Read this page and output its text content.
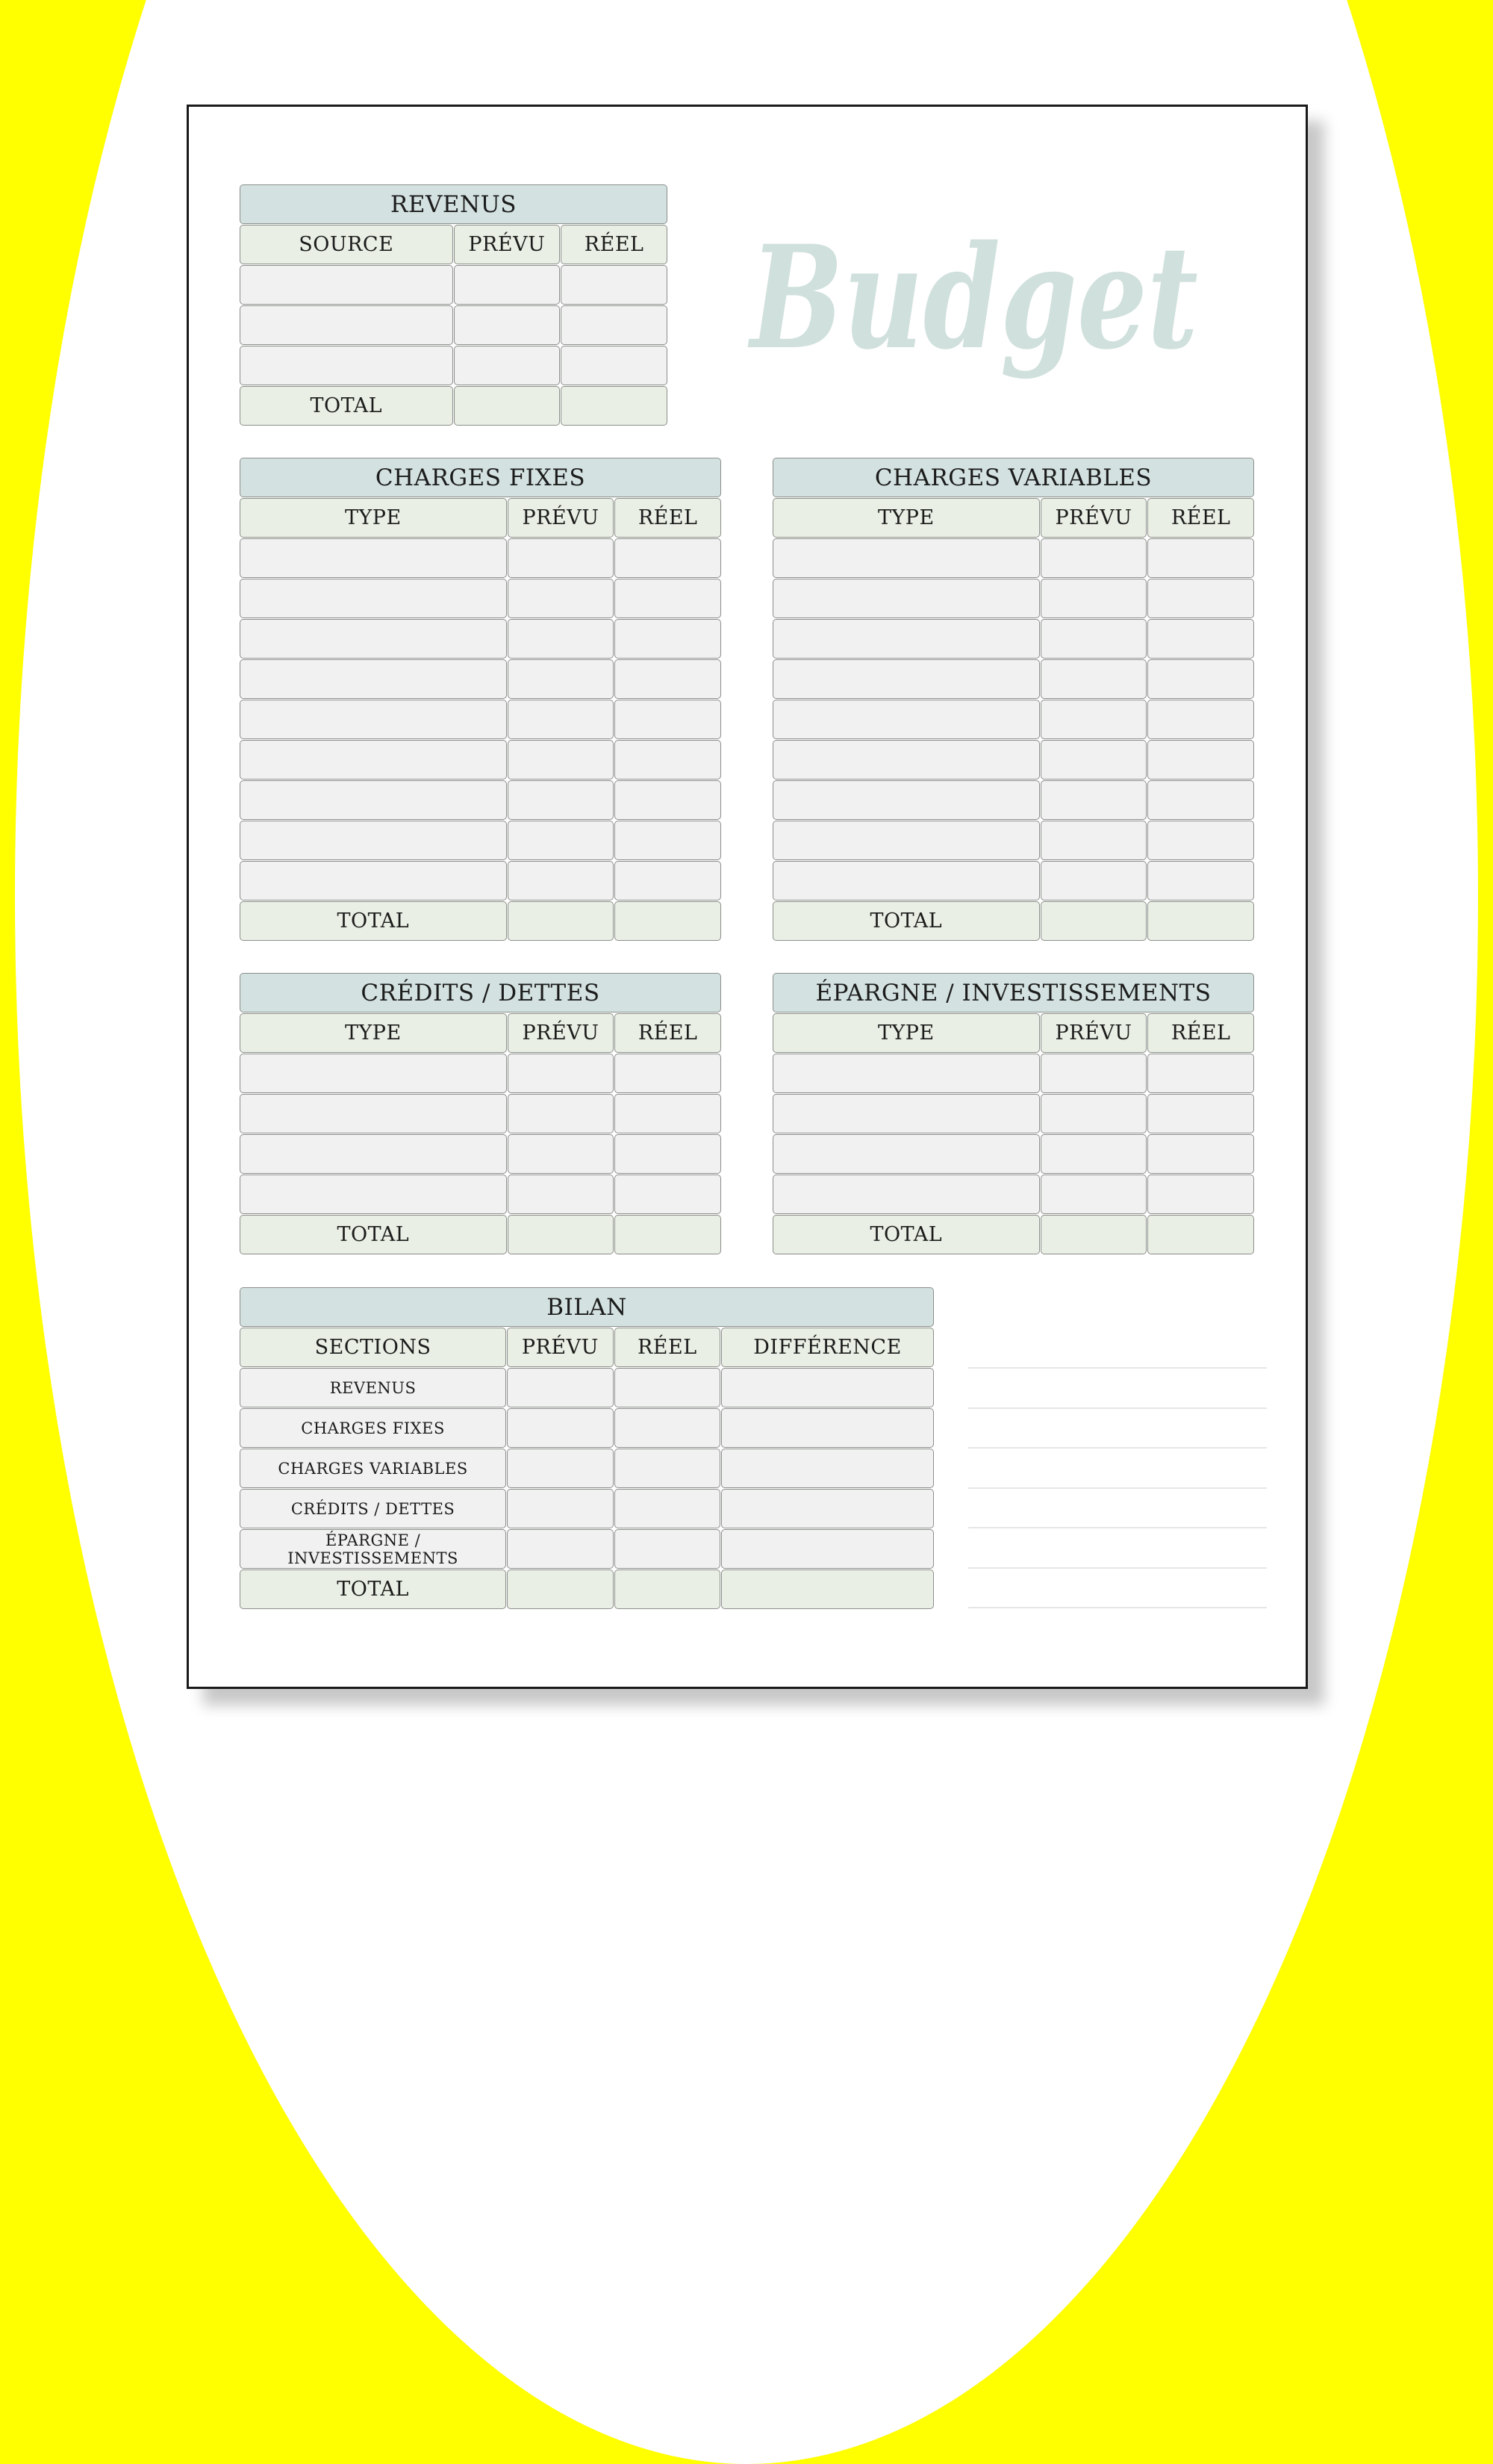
Budget
REVENUS		
SOURCE	PRÉVU	RÉEL

TOTAL		
CHARGES FIXES		
TYPE	PRÉVU	RÉEL

TOTAL		
CHARGES VARIABLES		
TYPE	PRÉVU	RÉEL

TOTAL		
CRÉDITS / DETTES		
TYPE	PRÉVU	RÉEL

TOTAL		
ÉPARGNE / INVESTISSEMENTS		
TYPE	PRÉVU	RÉEL

TOTAL		
BILAN			
SECTIONS	PRÉVU	RÉEL	DIFFÉRENCE
REVENUS			
CHARGES FIXES			
CHARGES VARIABLES			
CRÉDITS / DETTES			
ÉPARGNE / INVESTISSEMENTS			
TOTAL			
